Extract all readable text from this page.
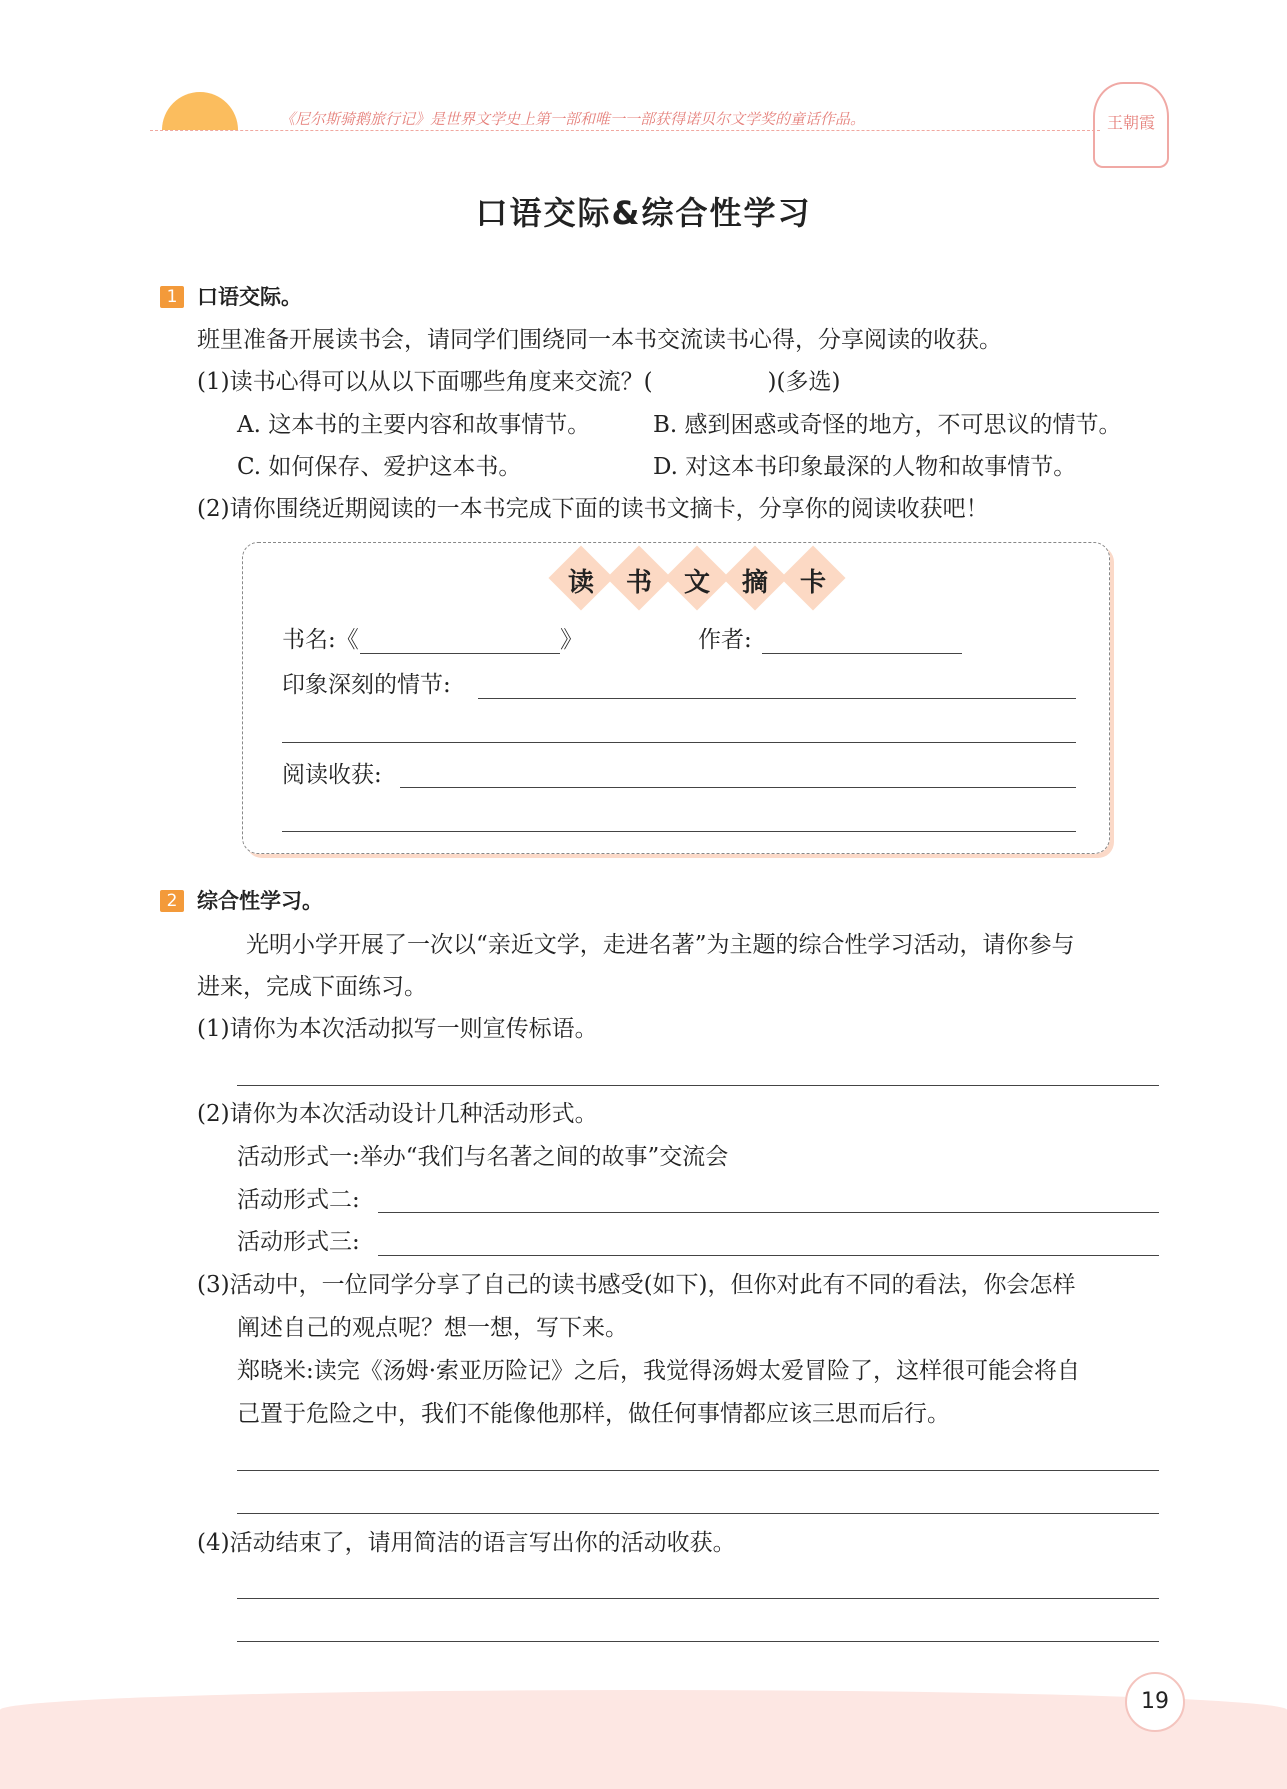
《尼尔斯骑鹅旅行记》是世界文学史上第一部和唯一一部获得诺贝尔文学奖的童话作品。	王朝霞
口语交际&综合性学习
1 口语交际。
班里准备开展读书会，请同学们围绕同一本书交流读书心得，分享阅读的收获。
(1)读书心得可以从以下面哪些角度来交流？(　　　　　)(多选)
A. 这本书的主要内容和故事情节。	B. 感到困惑或奇怪的地方，不可思议的情节。
C. 如何保存、爱护这本书。	D. 对这本书印象最深的人物和故事情节。
(2)请你围绕近期阅读的一本书完成下面的读书文摘卡，分享你的阅读收获吧！
读	书	文	摘	卡
书名:《	》	作者:
印象深刻的情节:
阅读收获:
2 综合性学习。
光明小学开展了一次以“亲近文学，走进名著”为主题的综合性学习活动，请你参与
进来，完成下面练习。
(1)请你为本次活动拟写一则宣传标语。
(2)请你为本次活动设计几种活动形式。
活动形式一:举办“我们与名著之间的故事”交流会
活动形式二:
活动形式三:
(3)活动中，一位同学分享了自己的读书感受(如下)，但你对此有不同的看法，你会怎样
阐述自己的观点呢？想一想，写下来。
郑晓米:读完《汤姆·索亚历险记》之后，我觉得汤姆太爱冒险了，这样很可能会将自
己置于危险之中，我们不能像他那样，做任何事情都应该三思而后行。
(4)活动结束了，请用简洁的语言写出你的活动收获。
19
